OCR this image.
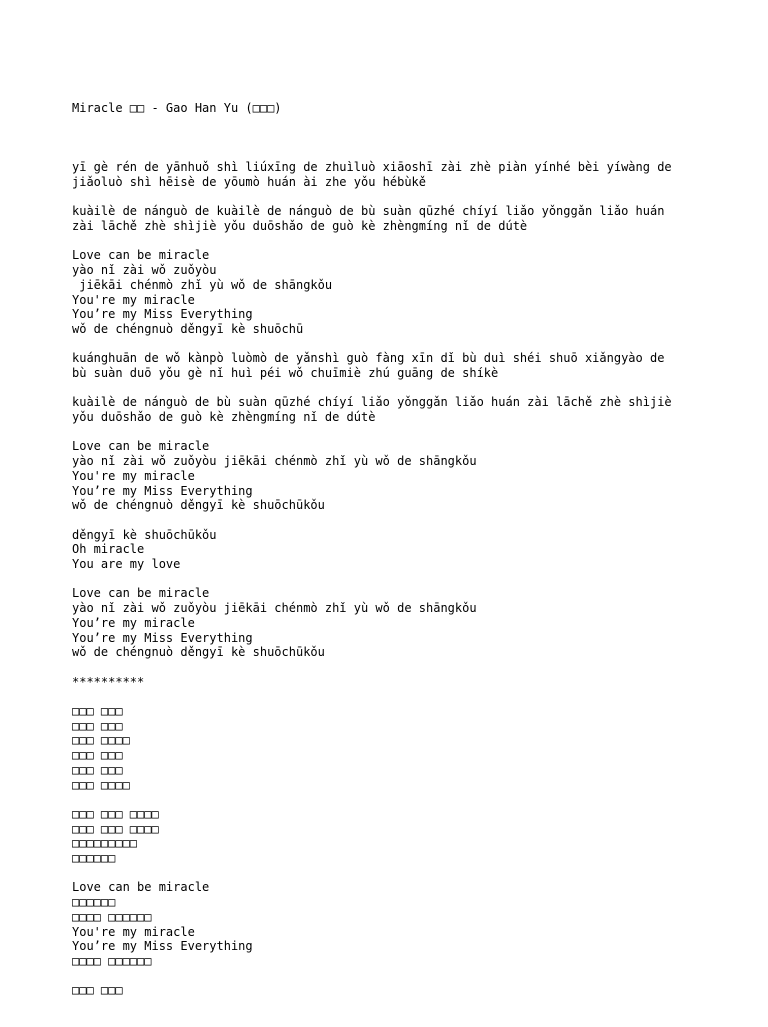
Miracle □□ - Gao Han Yu (□□□)

yī gè rén de yānhuǒ shì liúxīng de zhuìluò xiāoshī zài zhè piàn yínhé bèi yíwàng de
jiǎoluò shì hēisè de yōumò huán ài zhe yǒu hébùkě
kuàilè de nánguò de kuàilè de nánguò de bù suàn qūzhé chíyí liǎo yǒnggǎn liǎo huán
zài lāchě zhè shìjiè yǒu duōshǎo de guò kè zhèngmíng nǐ de dútè
Love can be miracle
yào nǐ zài wǒ zuǒyòu
jiēkāi chénmò zhǐ yù wǒ de shāngkǒu
You're my miracle
You’re my Miss Everything
wǒ de chéngnuò děngyī kè shuōchū
kuánghuān de wǒ kànpò luòmò de yǎnshì guò fàng xīn dǐ bù duì shéi shuō xiǎngyào de
bù suàn duō yǒu gè nǐ huì péi wǒ chuīmiè zhú guāng de shíkè
kuàilè de nánguò de bù suàn qūzhé chíyí liǎo yǒnggǎn liǎo huán zài lāchě zhè shìjiè
yǒu duōshǎo de guò kè zhèngmíng nǐ de dútè
Love can be miracle
yào nǐ zài wǒ zuǒyòu jiēkāi chénmò zhǐ yù wǒ de shāngkǒu
You're my miracle
You’re my Miss Everything
wǒ de chéngnuò děngyī kè shuōchūkǒu
děngyī kè shuōchūkǒu
Oh miracle
You are my love
Love can be miracle
yào nǐ zài wǒ zuǒyòu jiēkāi chénmò zhǐ yù wǒ de shāngkǒu
You’re my miracle
You’re my Miss Everything
wǒ de chéngnuò děngyī kè shuōchūkǒu
**********
□□□ □□□
□□□ □□□
□□□ □□□□
□□□ □□□
□□□ □□□
□□□ □□□□
□□□ □□□ □□□□
□□□ □□□ □□□□
□□□□□□□□□
□□□□□□
Love can be miracle
□□□□□□
□□□□ □□□□□□
You're my miracle
You’re my Miss Everything
□□□□ □□□□□□
□□□ □□□
